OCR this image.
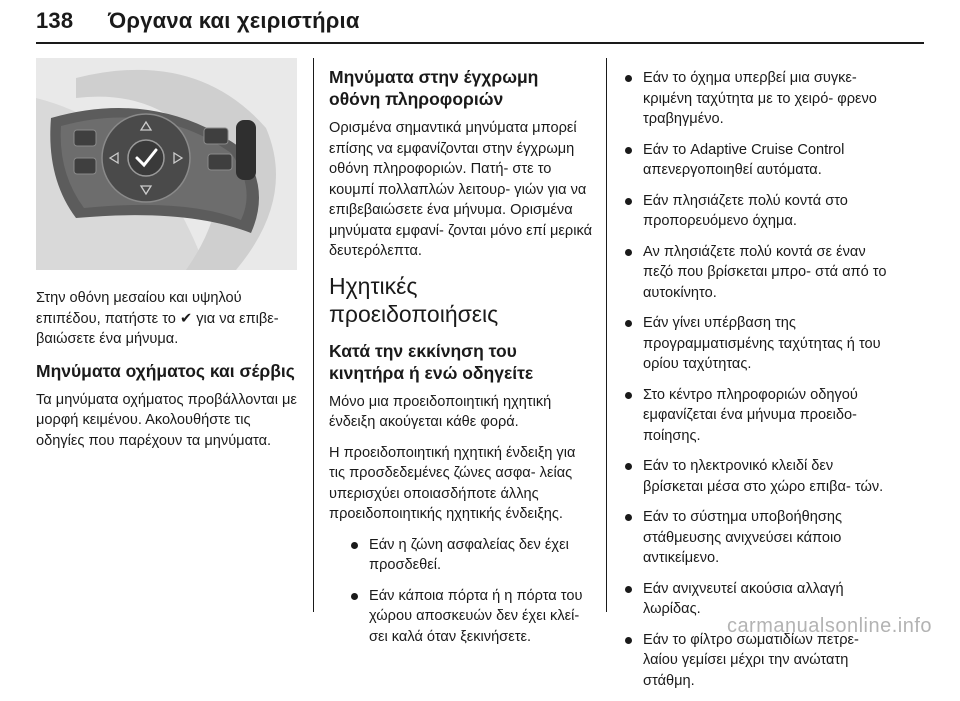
138 Όργανα και χειριστήρια

Στην οθόνη μεσαίου και υψηλού επιπέδου, πατήστε το ✔ για να επιβε- βαιώσετε ένα μήνυμα.

Μηνύματα οχήματος και σέρβις

Τα μηνύματα οχήματος προβάλλονται με μορφή κειμένου. Ακολουθήστε τις οδηγίες που παρέχουν τα μηνύματα.

Μηνύματα στην έγχρωμη οθόνη πληροφοριών

Ορισμένα σημαντικά μηνύματα μπορεί επίσης να εμφανίζονται στην έγχρωμη οθόνη πληροφοριών. Πατή- στε το κουμπί πολλαπλών λειτουρ- γιών για να επιβεβαιώσετε ένα μήνυμα. Ορισμένα μηνύματα εμφανί- ζονται μόνο επί μερικά δευτερόλεπτα.

Ηχητικές προειδοποιήσεις
Κατά την εκκίνηση του κινητήρα ή ενώ οδηγείτε

Μόνο μια προειδοποιητική ηχητική ένδειξη ακούγεται κάθε φορά.

Η προειδοποιητική ηχητική ένδειξη για τις προσδεδεμένες ζώνες ασφα- λείας υπερισχύει οποιασδήποτε άλλης προειδοποιητικής ηχητικής ένδειξης.

Εάν η ζώνη ασφαλείας δεν έχει προσδεθεί.
Εάν κάποια πόρτα ή η πόρτα του χώρου αποσκευών δεν έχει κλεί- σει καλά όταν ξεκινήσετε.
Εάν το όχημα υπερβεί μια συγκε- κριμένη ταχύτητα με το χειρό- φρενο τραβηγμένο.
Εάν το Adaptive Cruise Control απενεργοποιηθεί αυτόματα.
Εάν πλησιάζετε πολύ κοντά στο προπορευόμενο όχημα.
Αν πλησιάζετε πολύ κοντά σε έναν πεζό που βρίσκεται μπρο- στά από το αυτοκίνητο.
Εάν γίνει υπέρβαση της προγραμματισμένης ταχύτητας ή του ορίου ταχύτητας.
Στο κέντρο πληροφοριών οδηγού εμφανίζεται ένα μήνυμα προειδο- ποίησης.
Εάν το ηλεκτρονικό κλειδί δεν βρίσκεται μέσα στο χώρο επιβα- τών.
Εάν το σύστημα υποβοήθησης στάθμευσης ανιχνεύσει κάποιο αντικείμενο.
Εάν ανιχνευτεί ακούσια αλλαγή λωρίδας.
Εάν το φίλτρο σωματιδίων πετρε- λαίου γεμίσει μέχρι την ανώτατη στάθμη.
carmanualsonline.info
